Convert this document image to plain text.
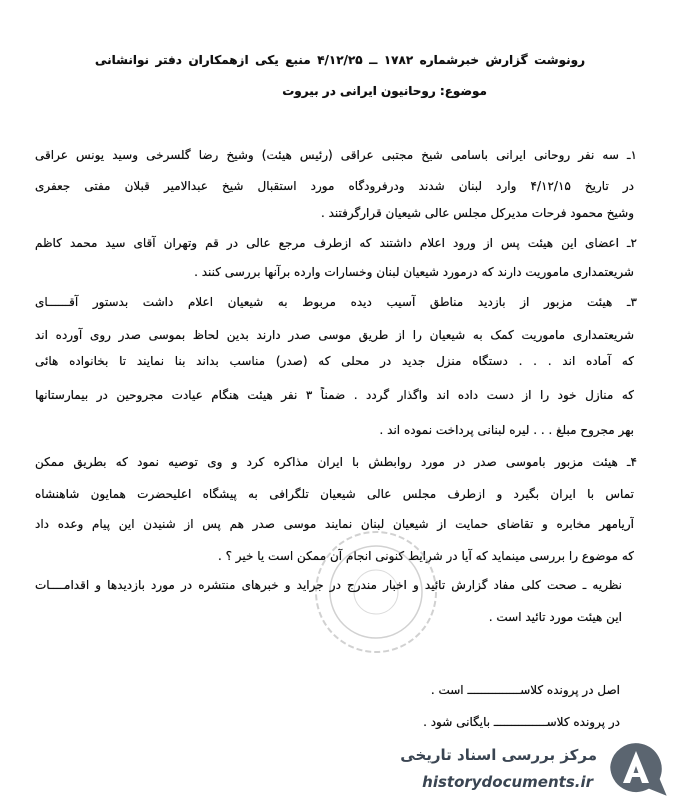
رونوشت گزارش خبرشماره ۱۷۸۲ ــ ۴/۱۲/۲۵ منبع یکی ازهمکاران دفتر نوانشانی
موضوع: روحانیون ایرانی در بیروت
۱ـ سه نفر روحانی ایرانی باسامی شیخ مجتبی عراقی (رئیس هیئت) وشیخ رضا گلسرخی وسید یونس عراقی
در تاریخ ۴/۱۲/۱۵ وارد لبنان شدند ودرفرودگاه مورد استقبال شیخ عبدالامیر قبلان مفتی جعفری
وشیخ محمود فرحات مدیرکل مجلس عالی شیعیان قرارگرفتند .
۲ـ اعضای این هیئت پس از ورود اعلام داشتند که ازطرف مرجع عالی در قم وتهران آقای سید محمد کاظم
شریعتمداری ماموریت دارند که درمورد شیعیان لبنان وخسارات وارده برآنها بررسی کنند .
۳ـ هیئت مزبور از بازدید مناطق آسیب دیده مربوط به شیعیان اعلام داشت بدستور آقــــــای
شریعتمداری ماموریت کمک به شیعیان را از طریق موسی صدر دارند بدین لحاظ بموسی صدر روی آورده اند
که آماده اند . . . دستگاه منزل جدید در محلی که (صدر) مناسب بداند بنا نمایند تا بخانواده هائی
که منازل خود را از دست داده اند واگذار گردد . ضمناً ۳ نفر هیئت هنگام عیادت مجروحین در بیمارستانها
بهر مجروح مبلغ . . . لیره لبنانی پرداخت نموده اند .
۴ـ هیئت مزبور باموسی صدر در مورد روابطش با ایران مذاکره کرد و وی توصیه نمود که بطریق ممکن
تماس با ایران بگیرد و ازطرف مجلس عالی شیعیان تلگرافی به پیشگاه اعلیحضرت همایون شاهنشاه
آریامهر مخابره و تقاضای حمایت از شیعیان لبنان نمایند موسی صدر هم پس از شنیدن این پیام وعده داد
که موضوع را بررسی مینماید که آیا در شرایط کنونی انجام آن ممکن است یا خیر ؟ .
نظریه ـ صحت کلی مفاد گزارش تائید و اخبار مندرج در جراید و خبرهای منتشره در مورد بازدیدها و اقدامــــات
این هیئت مورد تائید است .
اصل در پرونده کلاســـــــــــــــ است .
در پرونده کلاســـــــــــــــ بایگانی شود .
مرکز بررسی اسناد تاریخی
historydocuments.ir
